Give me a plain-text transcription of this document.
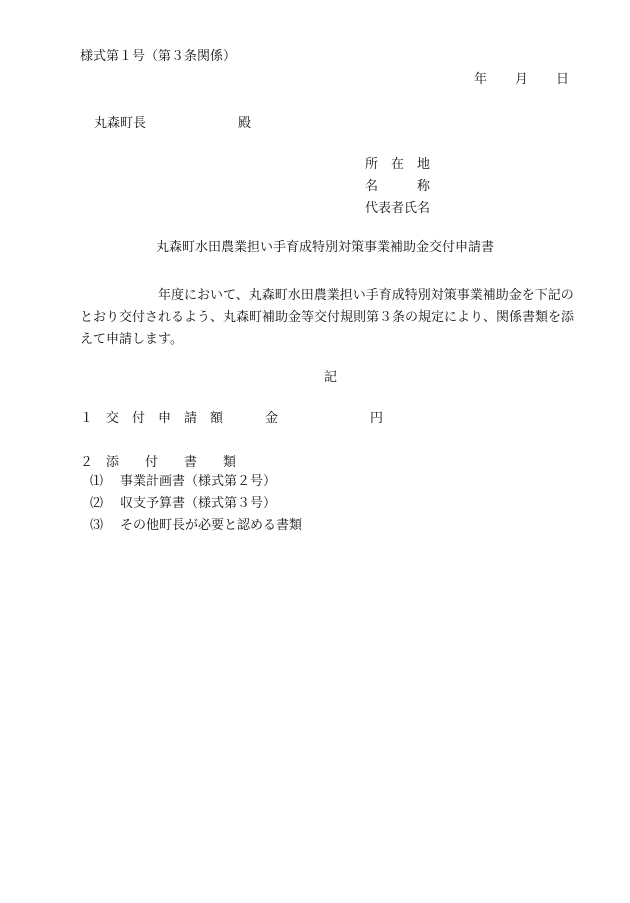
様式第１号（第３条関係）
年 月 日
丸森町長	殿
所　在　地
名　　　称
代表者氏名
丸森町水田農業担い手育成特別対策事業補助金交付申請書

　　年度において、丸森町水田農業担い手育成特別対策事業補助金を下記のとおり交付されるよう、丸森町補助金等交付規則第３条の規定により、関係書類を添えて申請します。

記
１　交　付　申　請　額	金	円
２　添　　付　　書　　類
⑴ 事業計画書（様式第２号）
⑵ 収支予算書（様式第３号）
⑶ その他町長が必要と認める書類
